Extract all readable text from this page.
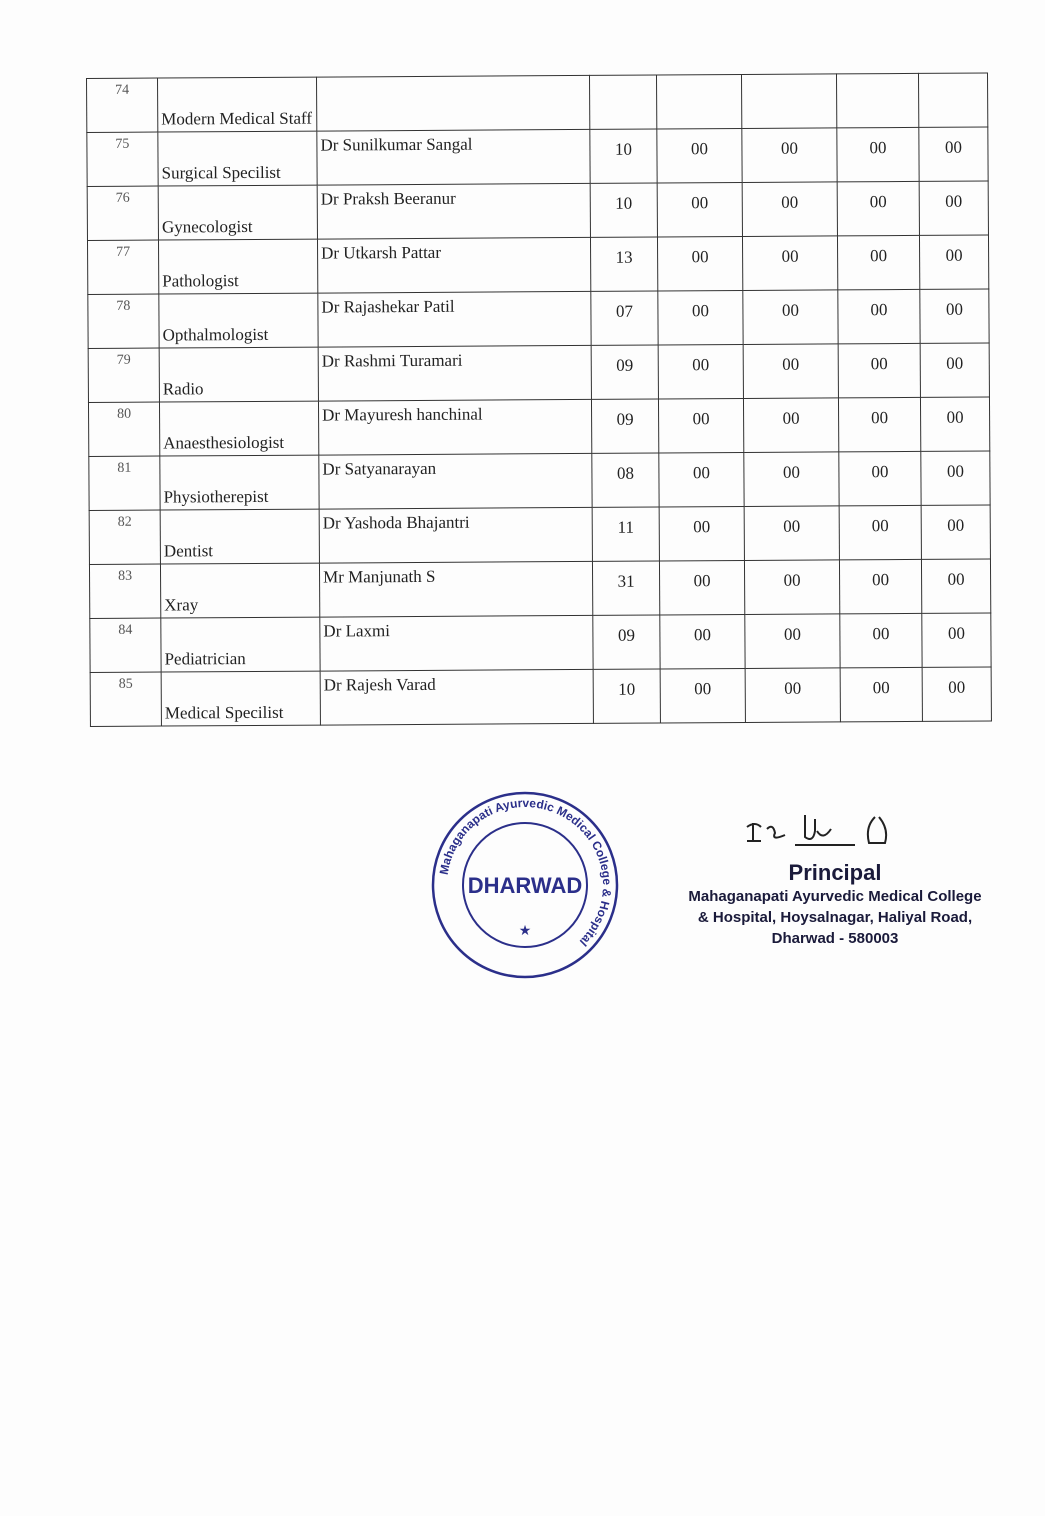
74	Modern Medical Staff						
75	Surgical Specilist	Dr Sunilkumar Sangal	10	00	00	00	00
76	Gynecologist	Dr Praksh Beeranur	10	00	00	00	00
77	Pathologist	Dr Utkarsh Pattar	13	00	00	00	00
78	Opthalmologist	Dr Rajashekar Patil	07	00	00	00	00
79	Radio	Dr Rashmi Turamari	09	00	00	00	00
80	Anaesthesiologist	Dr Mayuresh hanchinal	09	00	00	00	00
81	Physiotherepist	Dr Satyanarayan	08	00	00	00	00
82	Dentist	Dr Yashoda Bhajantri	11	00	00	00	00
83	Xray	Mr Manjunath S	31	00	00	00	00
84	Pediatrician	Dr Laxmi	09	00	00	00	00
85	Medical Specilist	Dr Rajesh Varad	10	00	00	00	00
Mahaganapati Ayurvedic Medical College & Hospital
DHARWAD
★
Principal
Mahaganapati Ayurvedic Medical College
& Hospital, Hoysalnagar, Haliyal Road,
Dharwad - 580003
